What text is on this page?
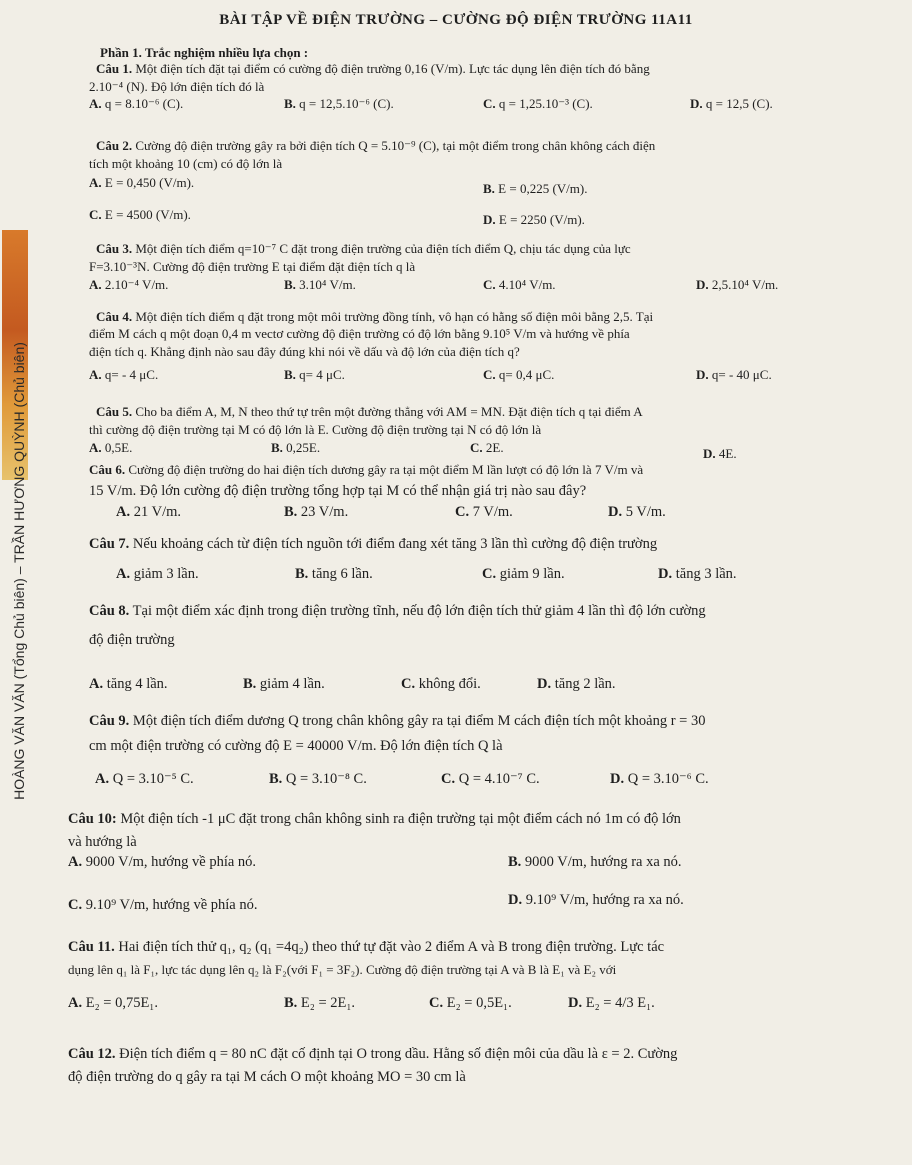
BÀI TẬP VỀ ĐIỆN TRƯỜNG – CƯỜNG ĐỘ ĐIỆN TRƯỜNG 11A11
HOÀNG VĂN VĂN (Tổng Chủ biên) – TRẦN HƯƠNG QUỲNH (Chủ biên)
Phần 1. Trắc nghiệm nhiều lựa chọn :
Câu 1. Một điện tích đặt tại điểm có cường độ điện trường 0,16 (V/m). Lực tác dụng lên điện tích đó bằng
2.10⁻⁴ (N). Độ lớn điện tích đó là
A. q = 8.10⁻⁶ (C).	B. q = 12,5.10⁻⁶ (C).	C. q = 1,25.10⁻³ (C).	D. q = 12,5 (C).
Câu 2. Cường độ điện trường gây ra bởi điện tích Q = 5.10⁻⁹ (C), tại một điểm trong chân không cách điện
tích một khoảng 10 (cm) có độ lớn là
A. E = 0,450 (V/m).	B. E = 0,225 (V/m).
C. E = 4500 (V/m).	D. E = 2250 (V/m).
Câu 3. Một điện tích điểm q=10⁻⁷ C đặt trong điện trường của điện tích điểm Q, chịu tác dụng của lực
F=3.10⁻³N. Cường độ điện trường E tại điểm đặt điện tích q là
A. 2.10⁻⁴ V/m.	B. 3.10⁴ V/m.	C. 4.10⁴ V/m.	D. 2,5.10⁴ V/m.
Câu 4. Một điện tích điểm q đặt trong một môi trường đồng tính, vô hạn có hằng số điện môi bằng 2,5. Tại
điểm M cách q một đoạn 0,4 m vectơ cường độ điện trường có độ lớn bằng 9.10⁵ V/m và hướng về phía
điện tích q. Khẳng định nào sau đây đúng khi nói về dấu và độ lớn của điện tích q?
A. q= - 4 μC.	B. q= 4 μC.	C. q= 0,4 μC.	D. q= - 40 μC.
Câu 5. Cho ba điểm A, M, N theo thứ tự trên một đường thẳng với AM = MN. Đặt điện tích q tại điểm A
thì cường độ điện trường tại M có độ lớn là E. Cường độ điện trường tại N có độ lớn là
A. 0,5E.	B. 0,25E.	C. 2E.	D. 4E.
Câu 6. Cường độ điện trường do hai điện tích dương gây ra tại một điểm M lần lượt có độ lớn là 7 V/m và
15 V/m. Độ lớn cường độ điện trường tổng hợp tại M có thể nhận giá trị nào sau đây?
A. 21 V/m.	B. 23 V/m.	C. 7 V/m.	D. 5 V/m.
Câu 7. Nếu khoảng cách từ điện tích nguồn tới điểm đang xét tăng 3 lần thì cường độ điện trường
A. giảm 3 lần.	B. tăng 6 lần.	C. giảm 9 lần.	D. tăng 3 lần.
Câu 8. Tại một điểm xác định trong điện trường tĩnh, nếu độ lớn điện tích thử giảm 4 lần thì độ lớn cường
độ điện trường
A. tăng 4 lần.	B. giảm 4 lần.	C. không đổi.	D. tăng 2 lần.
Câu 9. Một điện tích điểm dương Q trong chân không gây ra tại điểm M cách điện tích một khoảng r = 30
cm một điện trường có cường độ E = 40000 V/m. Độ lớn điện tích Q là
A. Q = 3.10⁻⁵ C.	B. Q = 3.10⁻⁸ C.	C. Q = 4.10⁻⁷ C.	D. Q = 3.10⁻⁶ C.
Câu 10: Một điện tích -1 μC đặt trong chân không sinh ra điện trường tại một điểm cách nó 1m có độ lớn
và hướng là
A. 9000 V/m, hướng về phía nó.	B. 9000 V/m, hướng ra xa nó.
C. 9.10⁹ V/m, hướng về phía nó.	D. 9.10⁹ V/m, hướng ra xa nó.
Câu 11. Hai điện tích thử q₁, q₂ (q₁ =4q₂) theo thứ tự đặt vào 2 điểm A và B trong điện trường. Lực tác
dụng lên q₁ là F₁, lực tác dụng lên q₂ là F₂(với F₁ = 3F₂). Cường độ điện trường tại A và B là E₁ và E₂ với
A. E₂ = 0,75E₁.	B. E₂ = 2E₁.	C. E₂ = 0,5E₁.	D. E₂ = 4/3 E₁.
Câu 12. Điện tích điểm q = 80 nC đặt cố định tại O trong dầu. Hằng số điện môi của dầu là ε = 2. Cường
độ điện trường do q gây ra tại M cách O một khoảng MO = 30 cm là
